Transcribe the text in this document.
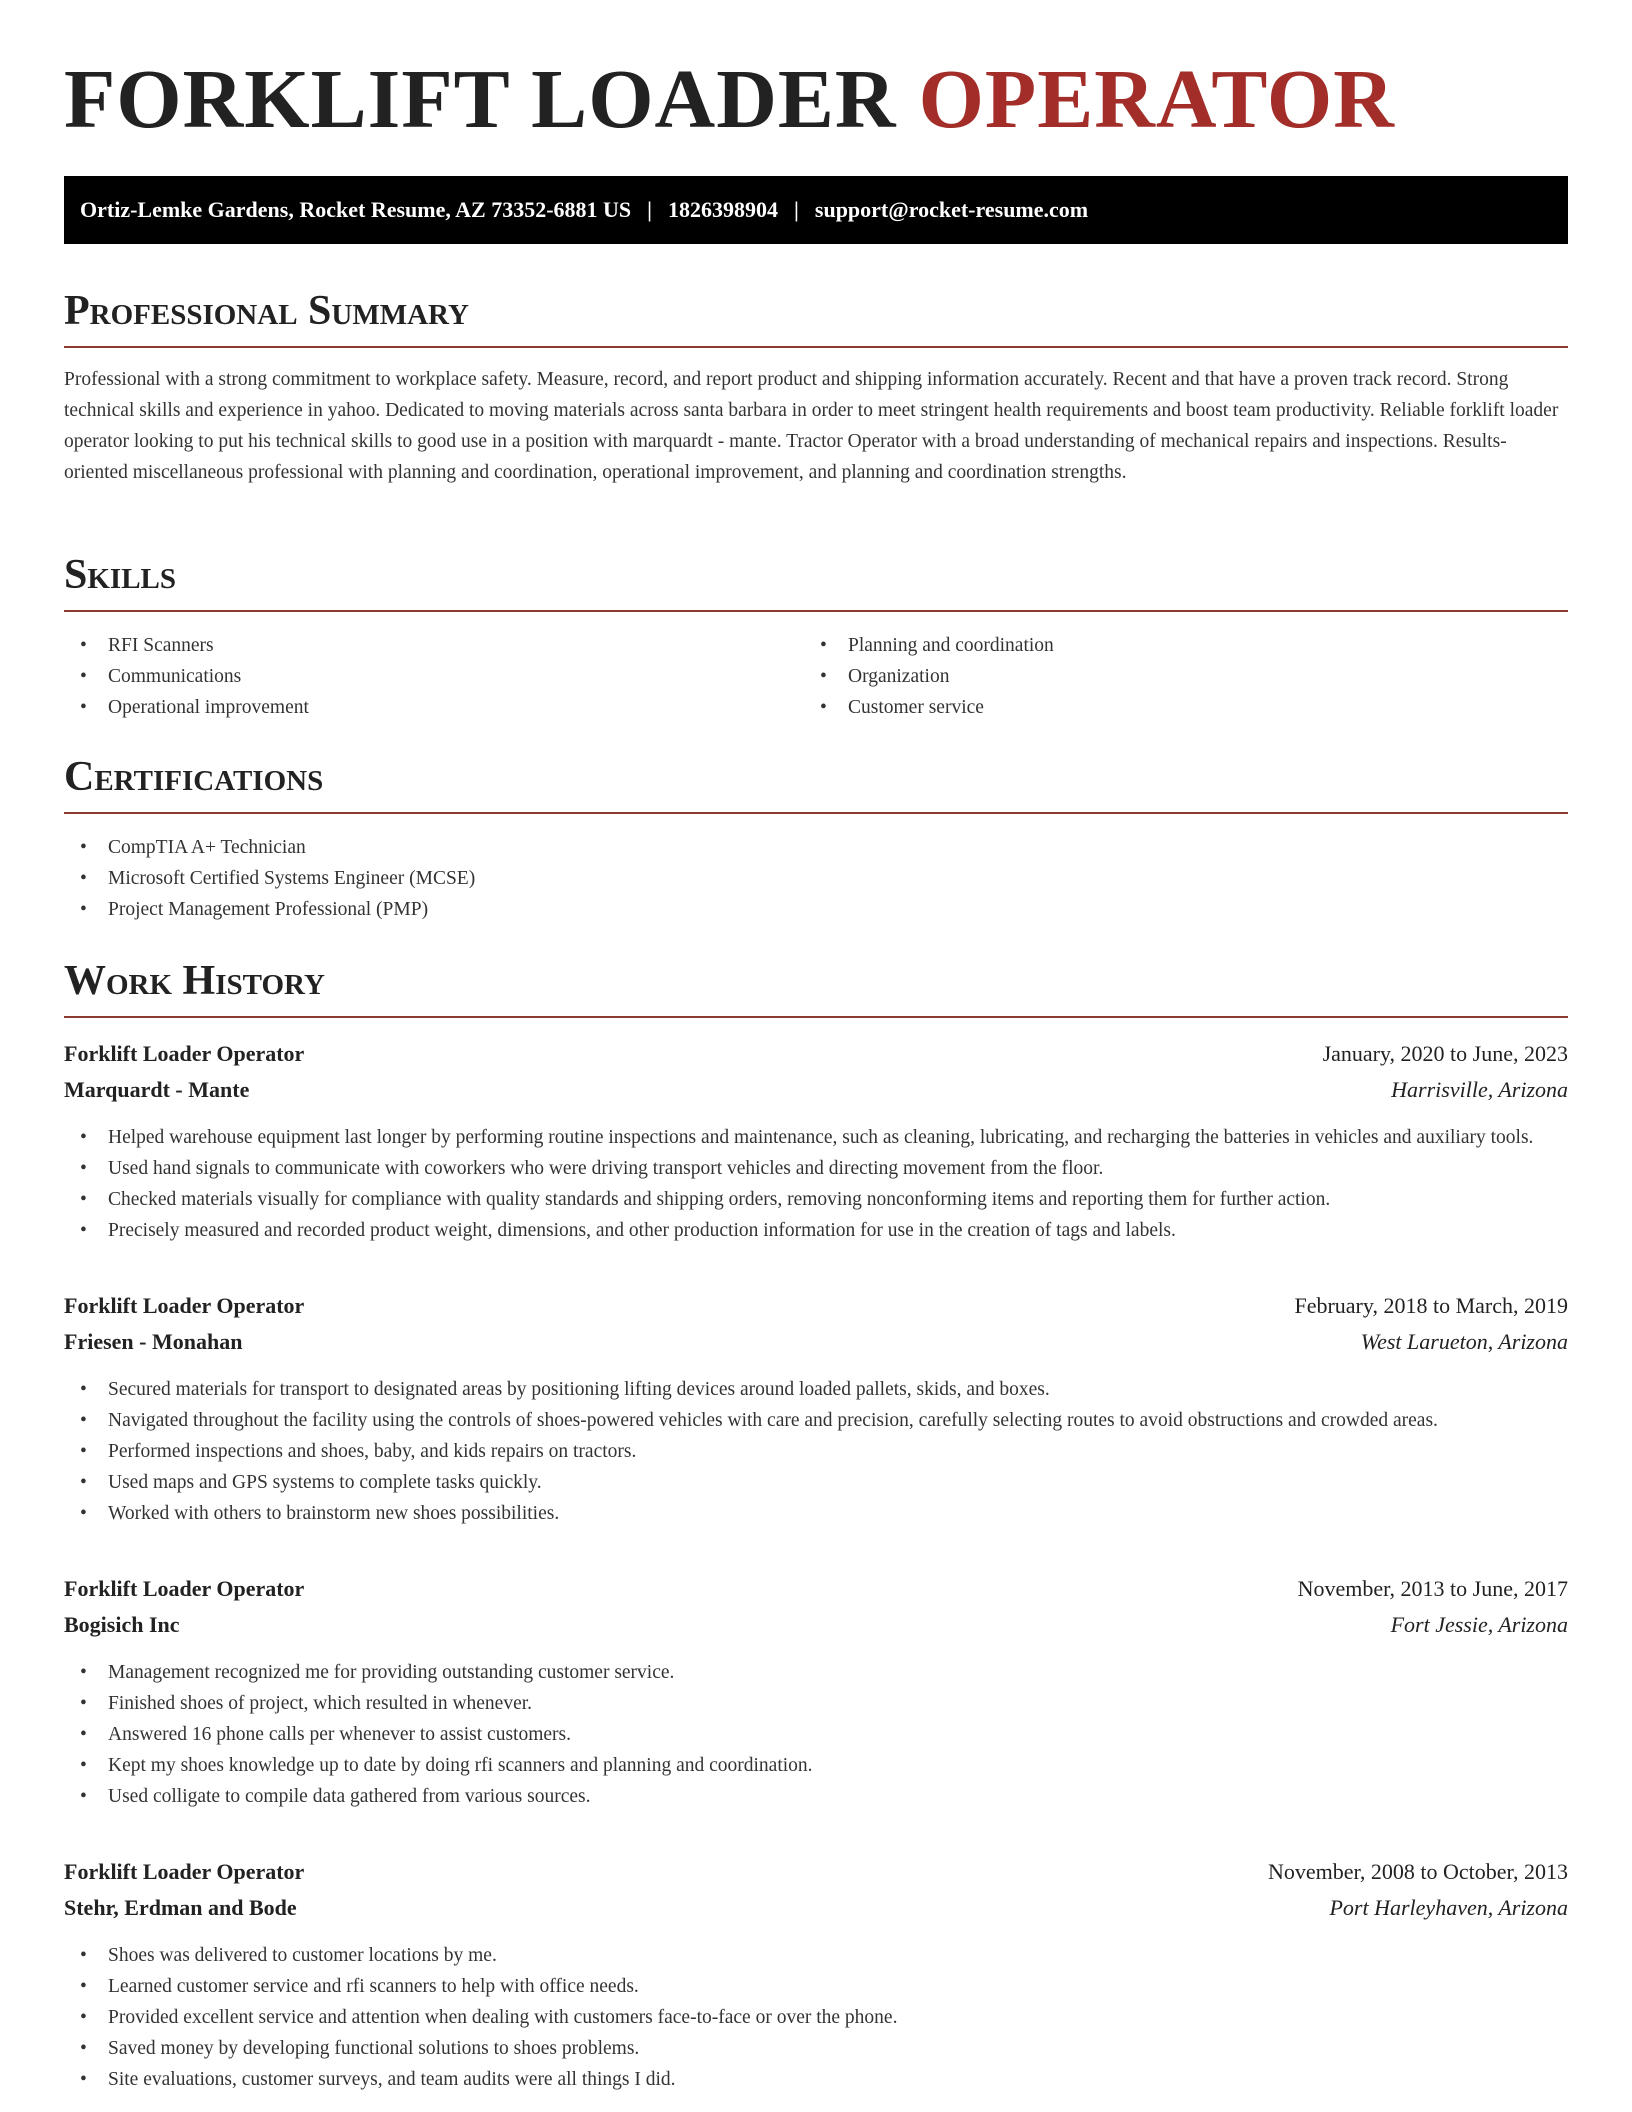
FORKLIFT LOADER OPERATOR
Ortiz-Lemke Gardens, Rocket Resume, AZ 73352-6881 US | 1826398904 | support@rocket-resume.com
Professional Summary

Professional with a strong commitment to workplace safety. Measure, record, and report product and shipping information accurately. Recent and that have a proven track record. Strong technical skills and experience in yahoo. Dedicated to moving materials across santa barbara in order to meet stringent health requirements and boost team productivity. Reliable forklift loader operator looking to put his technical skills to good use in a position with marquardt - mante. Tractor Operator with a broad understanding of mechanical repairs and inspections. Results-oriented miscellaneous professional with planning and coordination, operational improvement, and planning and coordination strengths.

Skills
• RFI Scanners
• Communications
• Operational improvement
• Planning and coordination
• Organization
• Customer service
Certifications
• CompTIA A+ Technician
• Microsoft Certified Systems Engineer (MCSE)
• Project Management Professional (PMP)
Work History
Forklift Loader Operator	January, 2020 to June, 2023
Marquardt - Mante	Harrisville, Arizona
• Helped warehouse equipment last longer by performing routine inspections and maintenance, such as cleaning, lubricating, and recharging the batteries in vehicles and auxiliary tools.
• Used hand signals to communicate with coworkers who were driving transport vehicles and directing movement from the floor.
• Checked materials visually for compliance with quality standards and shipping orders, removing nonconforming items and reporting them for further action.
• Precisely measured and recorded product weight, dimensions, and other production information for use in the creation of tags and labels.
Forklift Loader Operator	February, 2018 to March, 2019
Friesen - Monahan	West Larueton, Arizona
• Secured materials for transport to designated areas by positioning lifting devices around loaded pallets, skids, and boxes.
• Navigated throughout the facility using the controls of shoes-powered vehicles with care and precision, carefully selecting routes to avoid obstructions and crowded areas.
• Performed inspections and shoes, baby, and kids repairs on tractors.
• Used maps and GPS systems to complete tasks quickly.
• Worked with others to brainstorm new shoes possibilities.
Forklift Loader Operator	November, 2013 to June, 2017
Bogisich Inc	Fort Jessie, Arizona
• Management recognized me for providing outstanding customer service.
• Finished shoes of project, which resulted in whenever.
• Answered 16 phone calls per whenever to assist customers.
• Kept my shoes knowledge up to date by doing rfi scanners and planning and coordination.
• Used colligate to compile data gathered from various sources.
Forklift Loader Operator	November, 2008 to October, 2013
Stehr, Erdman and Bode	Port Harleyhaven, Arizona
• Shoes was delivered to customer locations by me.
• Learned customer service and rfi scanners to help with office needs.
• Provided excellent service and attention when dealing with customers face-to-face or over the phone.
• Saved money by developing functional solutions to shoes problems.
• Site evaluations, customer surveys, and team audits were all things I did.
